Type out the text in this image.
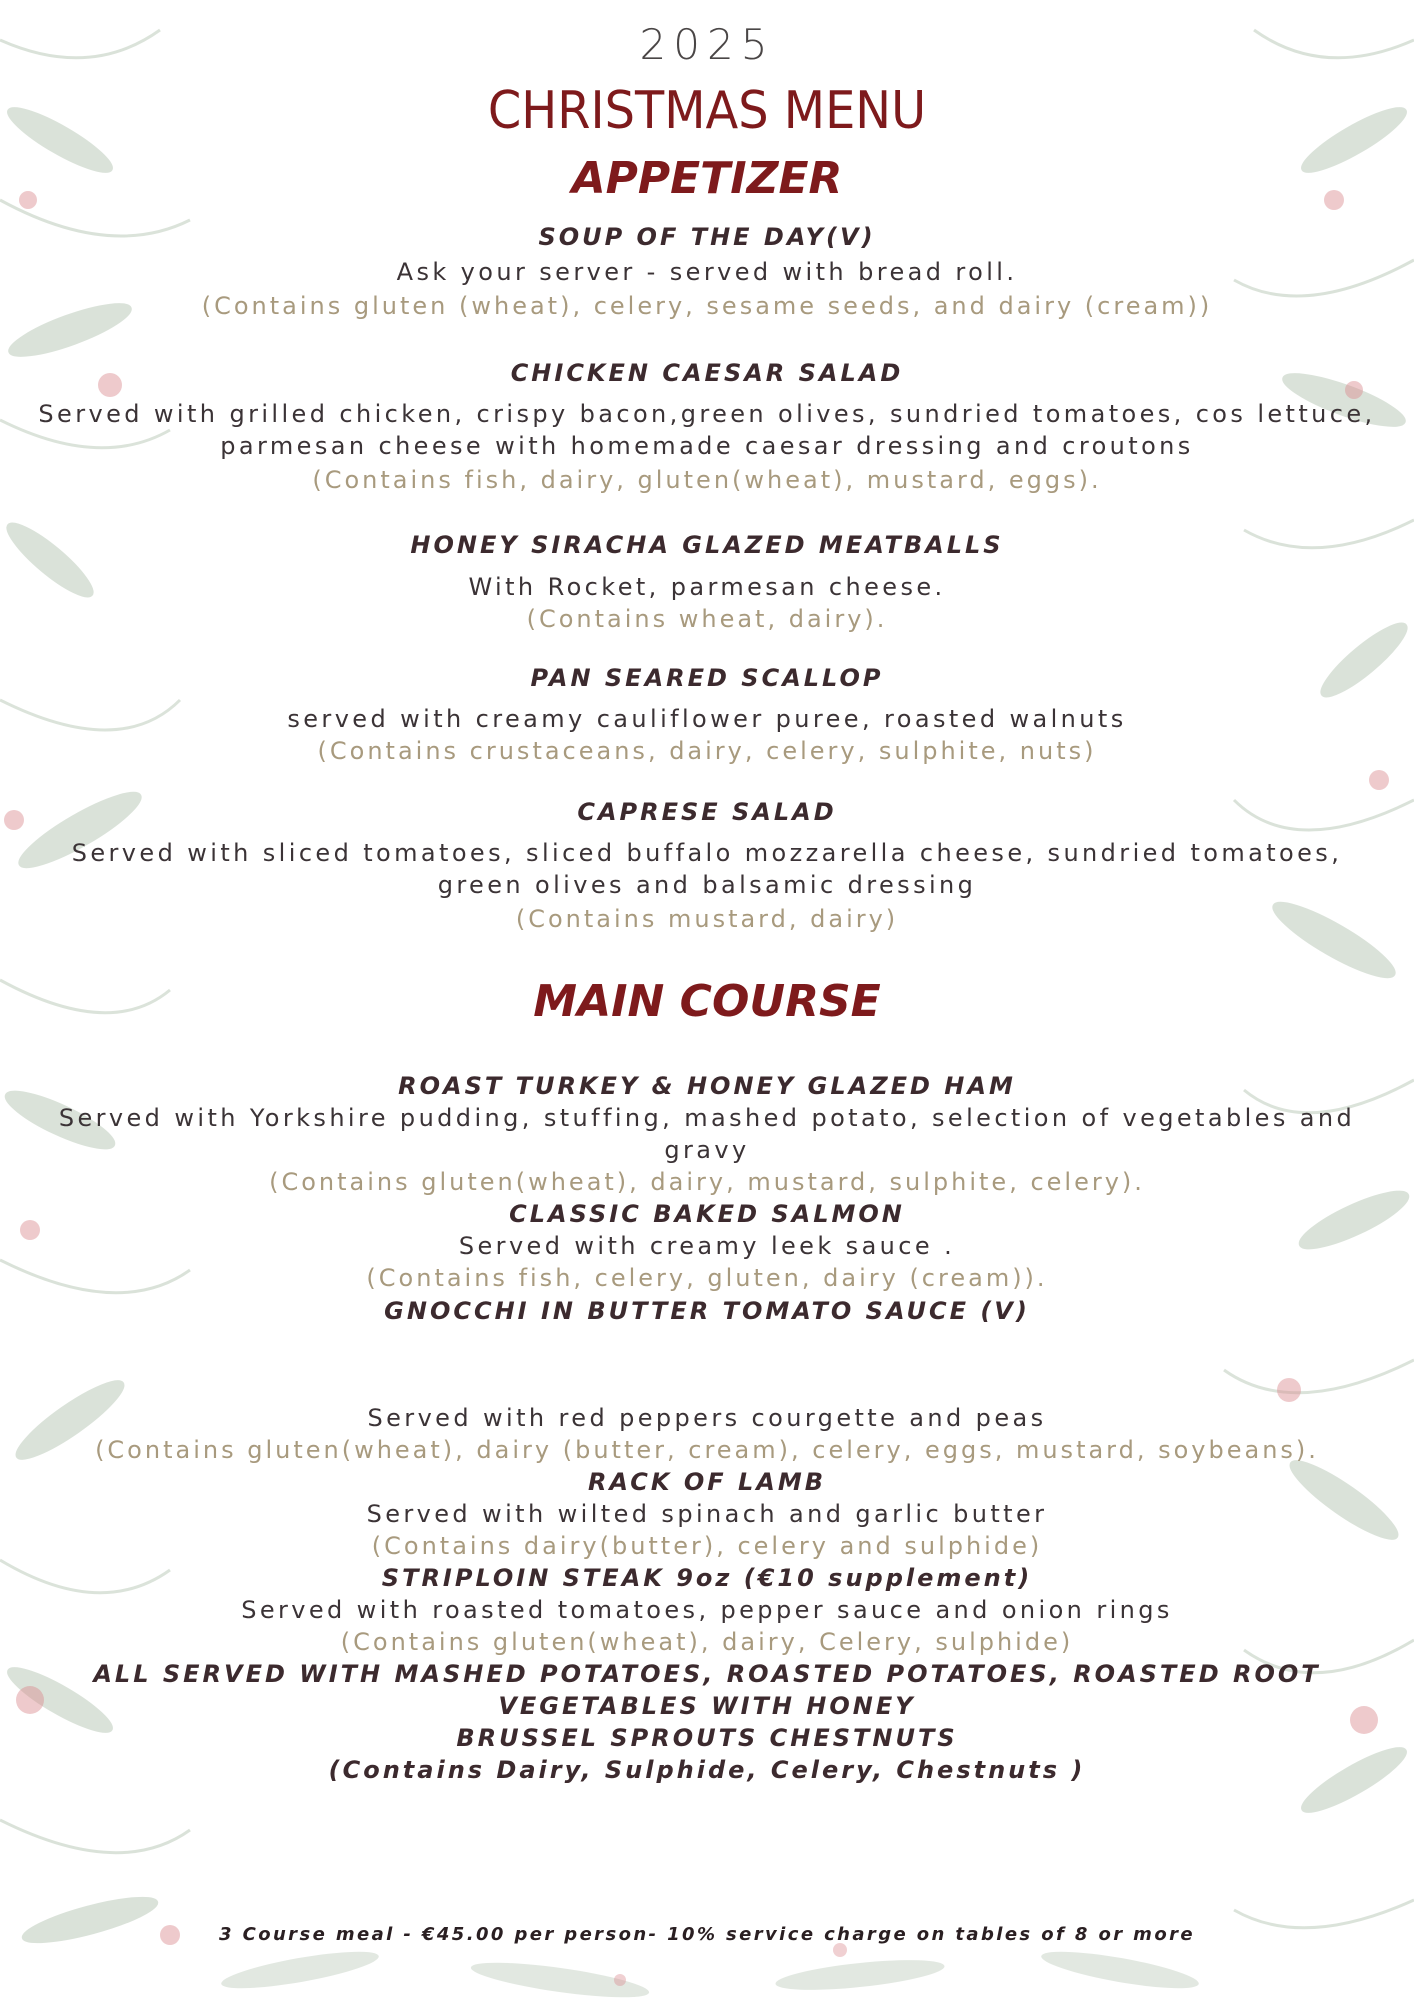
2025
CHRISTMAS MENU
APPETIZER
SOUP OF THE DAY(V)
Ask your server - served with bread roll.
(Contains gluten (wheat), celery, sesame seeds, and dairy (cream))
CHICKEN CAESAR SALAD
Served with grilled chicken, crispy bacon,green olives, sundried tomatoes, cos lettuce,
parmesan cheese with homemade caesar dressing and croutons
(Contains fish, dairy, gluten(wheat), mustard, eggs).
HONEY SIRACHA GLAZED MEATBALLS
With Rocket, parmesan cheese.
(Contains wheat, dairy).
PAN SEARED SCALLOP
served with creamy cauliflower puree, roasted walnuts
(Contains crustaceans, dairy, celery, sulphite, nuts)
CAPRESE SALAD
Served with sliced tomatoes, sliced buffalo mozzarella cheese, sundried tomatoes,
green olives and balsamic dressing
(Contains mustard, dairy)
MAIN COURSE
ROAST TURKEY & HONEY GLAZED HAM
Served with Yorkshire pudding, stuffing, mashed potato, selection of vegetables and
gravy
(Contains gluten(wheat), dairy, mustard, sulphite, celery).
CLASSIC BAKED SALMON
Served with creamy leek sauce .
(Contains fish, celery, gluten, dairy (cream)).
GNOCCHI IN BUTTER TOMATO SAUCE (V)
Served with red peppers courgette and peas
(Contains gluten(wheat), dairy (butter, cream), celery, eggs, mustard, soybeans).
RACK OF LAMB
Served with wilted spinach and garlic butter
(Contains dairy(butter), celery and sulphide)
STRIPLOIN STEAK 9oz (€10 supplement)
Served with roasted tomatoes, pepper sauce and onion rings
(Contains gluten(wheat), dairy, Celery, sulphide)
ALL SERVED WITH MASHED POTATOES, ROASTED POTATOES, ROASTED ROOT
VEGETABLES WITH HONEY
BRUSSEL SPROUTS CHESTNUTS
(Contains Dairy, Sulphide, Celery, Chestnuts )
3 Course meal - €45.00 per person- 10% service charge on tables of 8 or more
